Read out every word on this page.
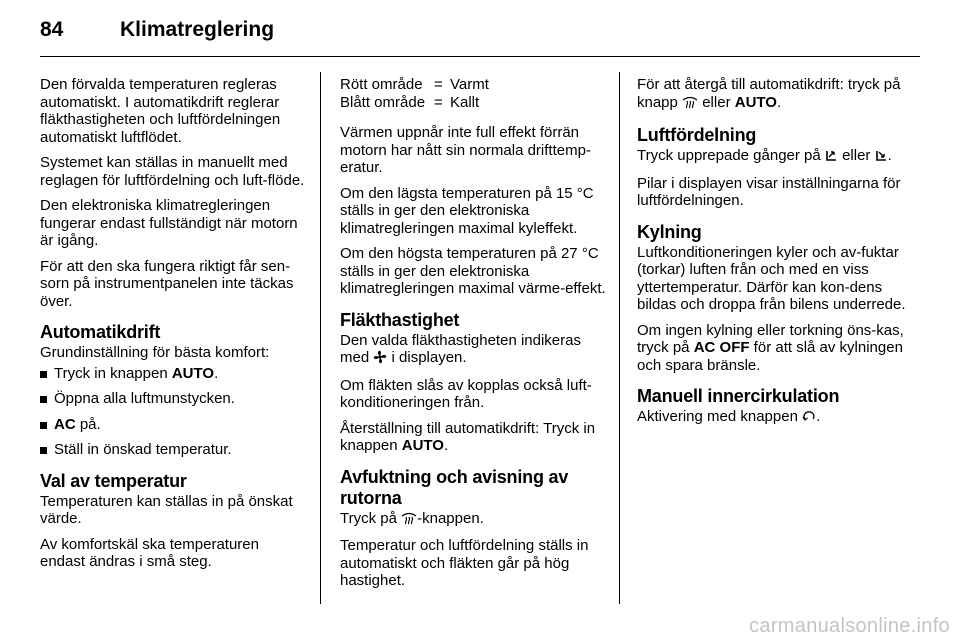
84	Klimatreglering

Den förvalda temperaturen regleras automatiskt. I automatikdrift reglerar fläkthastigheten och luftfördelningen automatiskt luftflödet.

Systemet kan ställas in manuellt med reglagen för luftfördelning och luft-flöde.

Den elektroniska klimatregleringen fungerar endast fullständigt när motorn är igång.

För att den ska fungera riktigt får sen-sorn på instrumentpanelen inte täckas över.

Automatikdrift
Grundinställning för bästa komfort:
Tryck in knappen AUTO.
Öppna alla luftmunstycken.
AC på.
Ställ in önskad temperatur.
Val av temperatur

Temperaturen kan ställas in på önskat värde.

Av komfortskäl ska temperaturen endast ändras i små steg.

Rött område	=	Varmt
Blått område	=	Kallt

Värmen uppnår inte full effekt förrän motorn har nått sin normala drifttemp-eratur.

Om den lägsta temperaturen på 15 °C ställs in ger den elektroniska klimatregleringen maximal kyleffekt.

Om den högsta temperaturen på 27 °C ställs in ger den elektroniska klimatregleringen maximal värme-effekt.

Fläkthastighet

Den valda fläkthastigheten indikeras med  i displayen.

Om fläkten slås av kopplas också luft-konditioneringen från.

Återställning till automatikdrift: Tryck in knappen AUTO.

Avfuktning och avisning av rutorna

Tryck på -knappen.

Temperatur och luftfördelning ställs in automatiskt och fläkten går på hög hastighet.

För att återgå till automatikdrift: tryck på knapp  eller AUTO.

Luftfördelning
Tryck upprepade gånger på  eller .

Pilar i displayen visar inställningarna för luftfördelningen.

Kylning

Luftkonditioneringen kyler och av-fuktar (torkar) luften från och med en viss yttertemperatur. Därför kan kon-dens bildas och droppa från bilens underrede.

Om ingen kylning eller torkning öns-kas, tryck på AC OFF för att slå av kylningen och spara bränsle.

Manuell innercirkulation

Aktivering med knappen .

carmanualsonline.info
